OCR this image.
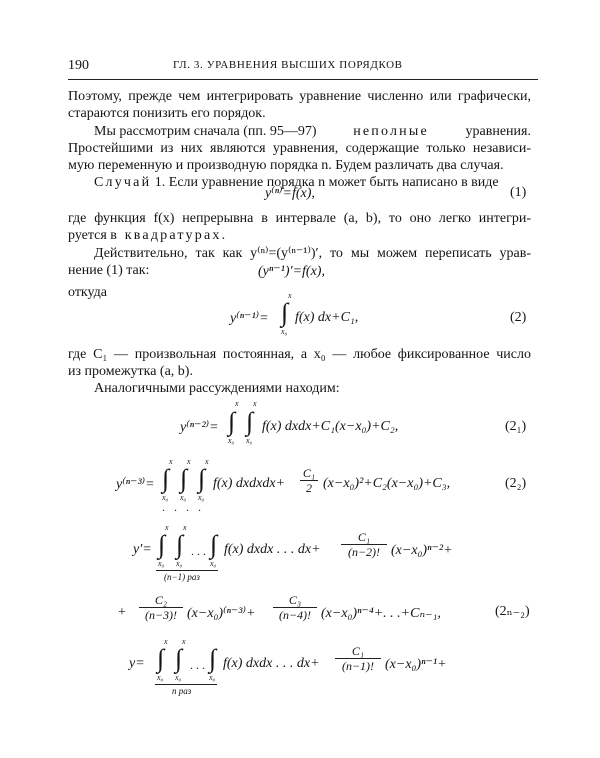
190	ГЛ. 3. УРАВНЕНИЯ ВЫСШИХ ПОРЯДКОВ
Поэтому, прежде чем интегрировать уравнение численно или графически,
стараются понизить его порядок.
Мы рассмотрим сначала (пп. 95—97)	неполные	уравнения.
Простейшими из них являются уравнения, содержащие только независи-
мую переменную и производную порядка n. Будем различать два случая.
Случай 1. Если уравнение порядка n может быть написано в виде
y⁽ⁿ⁾=f(x),	(1)
где функция f(x) непрерывна в интервале (a, b), то оно легко интегри-
руется в квадратурах.
Действительно, так как y⁽ⁿ⁾=(y⁽ⁿ⁻¹⁾)′, то мы можем переписать урав-
нение (1) так:	(yⁿ⁻¹)′=f(x),
откуда
y⁽ⁿ⁻¹⁾= ∫
x
x₀
f(x) dx+C₁,	(2)
где C₁ — произвольная постоянная, а x₀ — любое фиксированное число
из промежутка (a, b).
Аналогичными рассуждениями находим:
y⁽ⁿ⁻²⁾= ∫
x
x₀
∫
x
x₀
f(x) dxdx+C₁(x−x₀)+C₂,	(2₁)
y⁽ⁿ⁻³⁾= ∫
x
x₀
∫
x
x₀
∫
x
x₀
f(x) dxdxdx+ $\frac{\text{C₁}}{2} (x-x_0)^2+C_2(x-x_0)+C_3$,	(2₂)
. . . .
y′= ∫
x
x₀
∫
x
x₀
. . . ∫
x₀
f(x) dxdx . . . $dx+ \frac{\text{C₁}}{(n-2)!} (x-x_0)^{n-2}+$
(n−1) раз
+ $\frac{\text{C₂}}{(n-3)!} (x-x_0)^{(n-3)}+ \frac{\text{C₃}}{(n-4)!} (x-x_0)^{n-4}+$. . .+Cₙ₋₁,	(2ₙ₋₂)
y= ∫
x
x₀
∫
x
x₀
. . . ∫
x₀
f(x) dxdx . . . $dx+ \frac{\text{C₁}}{(n-1)!} (x-x_0)^{n-1}+$
n раз
